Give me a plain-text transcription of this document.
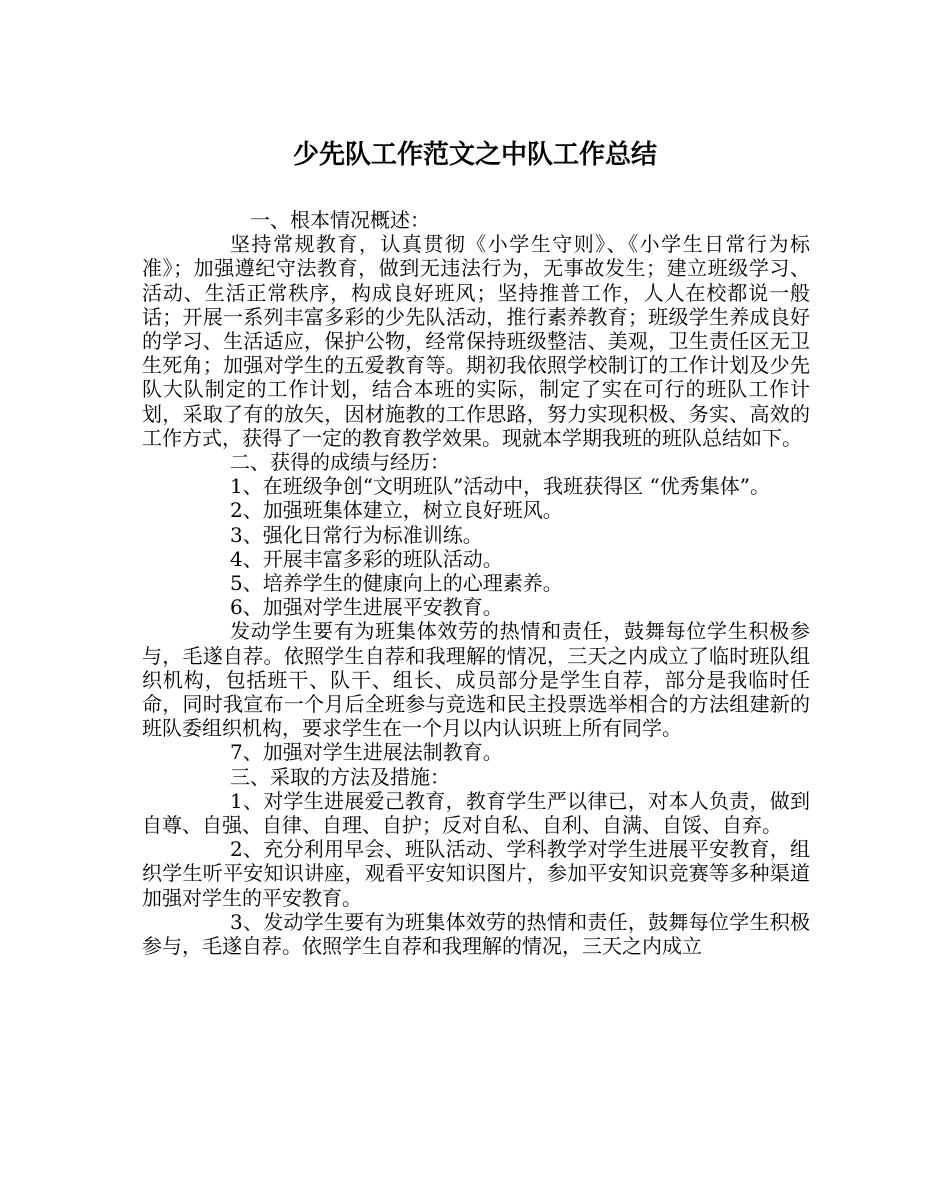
少先队工作范文之中队工作总结

一、根本情况概述：

坚持常规教育，认真贯彻《小学生守则》、《小学生日常行为标准》；加强遵纪守法教育，做到无违法行为，无事故发生；建立班级学习、活动、生活正常秩序，构成良好班风；坚持推普工作，人人在校都说一般话；开展一系列丰富多彩的少先队活动，推行素养教育；班级学生养成良好的学习、生活适应，保护公物，经常保持班级整洁、美观，卫生责任区无卫生死角；加强对学生的五爱教育等。期初我依照学校制订的工作计划及少先队大队制定的工作计划，结合本班的实际，制定了实在可行的班队工作计划，采取了有的放矢，因材施教的工作思路，努力实现积极、务实、高效的工作方式，获得了一定的教育教学效果。现就本学期我班的班队总结如下。

二、获得的成绩与经历：

1、在班级争创“文明班队”活动中，我班获得区 “优秀集体”。

2、加强班集体建立，树立良好班风。

3、强化日常行为标准训练。

4、开展丰富多彩的班队活动。

5、培养学生的健康向上的心理素养。

6、加强对学生进展平安教育。

发动学生要有为班集体效劳的热情和责任，鼓舞每位学生积极参与，毛遂自荐。依照学生自荐和我理解的情况，三天之内成立了临时班队组织机构，包括班干、队干、组长、成员部分是学生自荐，部分是我临时任命，同时我宣布一个月后全班参与竞选和民主投票选举相合的方法组建新的班队委组织机构，要求学生在一个月以内认识班上所有同学。

7、加强对学生进展法制教育。

三、采取的方法及措施：

1、对学生进展爱己教育，教育学生严以律已，对本人负责，做到自尊、自强、自律、自理、自护；反对自私、自利、自满、自馁、自弃。

2、充分利用早会、班队活动、学科教学对学生进展平安教育，组织学生听平安知识讲座，观看平安知识图片，参加平安知识竞赛等多种渠道加强对学生的平安教育。

3、发动学生要有为班集体效劳的热情和责任，鼓舞每位学生积极参与，毛遂自荐。依照学生自荐和我理解的情况，三天之内成立
